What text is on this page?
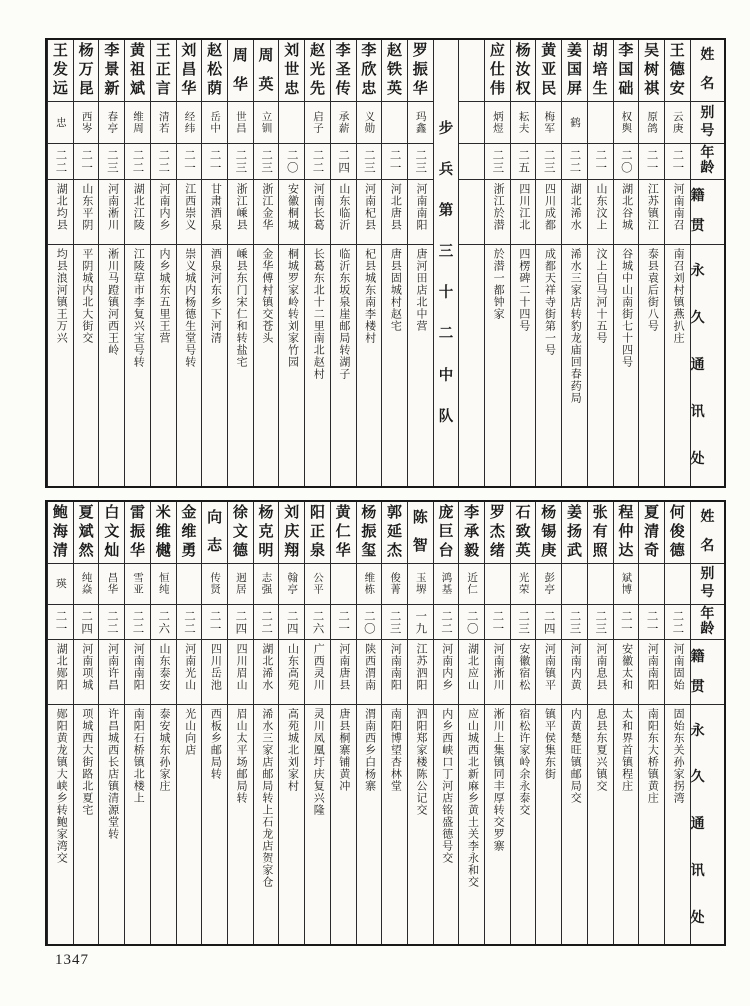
姓
名
别
号
年
龄
籍
贯
永
久
通
讯
处
王
德
安
云庚
二一
河南南召
南召刘村镇燕扒庄
吴
树
祺
原鸽
二一
江苏镇江
泰县袁后街八号
李
国
础
权舆
二〇
湖北谷城
谷城中山南街七十四号
胡
培
生
二一
山东汶上
汶上白马河十五号
姜
国
屏
鹤
二二
湖北浠水
浠水三家店转豹龙庙回春药局
黄
亚
民
梅军
二三
四川成都
成都天祥寺街第一号
杨
汝
权
耘夫
二五
四川江北
四楞碑二十四号
应
仕
伟
炳煜
二三
浙江於潜
於潜一都钟家
步
兵
第
三
十
二
中
队
罗
振
华
玛鑫
二三
河南南阳
唐河田店北中营
赵
铁
英
二一
河北唐县
唐县固城村赵宅
李
欣
忠
义勋
二三
河南杞县
杞县城东南李楼村
李
圣
传
承薪
二四
山东临沂
临沂东坂泉崖邮局转湖子
赵
光
先
启子
二二
河南长葛
长葛东北十二里南北赵村
刘
世
忠
二〇
安徽桐城
桐城罗家岭转刘家竹园
周
英
立钏
二三
浙江金华
金华傅村镇交苍头
周
华
世昌
二三
浙江嵊县
嵊县东门宋仁和转盐宅
赵
松
荫
岳中
二一
甘肃酒泉
酒泉河东乡下河清
刘
昌
华
经纬
二一
江西崇义
崇义城内杨德生堂号转
王
正
言
清若
二二
河南内乡
内乡城东五里王营
黄
祖
斌
维周
二二
湖北江陵
江陵草市李复兴宝号转
李
景
新
春亭
二三
河南淅川
淅川马蹬镇河西王岭
杨
万
昆
西岑
二一
山东平阴
平阴城内北大街交
王
发
远
忠
二二
湖北均县
均县浪河镇王万兴
姓
名
别
号
年
龄
籍
贯
永
久
通
讯
处
何
俊
德
二二
河南固始
固始东关孙家拐湾
夏
清
奇
二一
河南南阳
南阳东大桥镇黄庄
程
仲
达
斌博
二一
安徽太和
太和界首镇程庄
张
有
照
二三
河南息县
息县东夏兴镇交
姜
扬
武
二三
河南内黄
内黄楚旺镇邮局交
杨
锡
庚
彭亭
二四
河南镇平
镇平侯集东街
石
致
英
光荣
二三
安徽宿松
宿松许家岭余永泰交
罗
杰
绪
二一
河南淅川
淅川上集镇同丰厚转交罗寨
李
承
毅
近仁
二〇
湖北应山
应山城西北新麻乡黄土关李永和交
庞
巨
台
鸿基
二二
河南内乡
内乡西峡口丁河店铭盛德号交
陈
智
玉堺
一九
江苏泗阳
泗阳郑家楼陈公记交
郭
延
杰
俊菁
二三
河南南阳
南阳博望杏林堂
杨
振
玺
维栋
二〇
陕西渭南
渭南西乡白杨寨
黄
仁
华
二一
河南唐县
唐县桐寨铺黄冲
阳
正
泉
公平
二六
广西灵川
灵川凤凰圩庆复兴隆
刘
庆
翔
翰亭
二四
山东高苑
高苑城北刘家村
杨
克
明
志强
二二
湖北浠水
浠水三家店邮局转上石龙店贺家仓
徐
文
德
迥居
二四
四川眉山
眉山太平场邮局转
向
志
传贤
二一
四川岳池
西板乡邮局转
金
维
勇
二二
河南光山
光山向店
米
维
樾
恒纯
二六
山东泰安
泰安城东孙家庄
雷
振
华
雪亚
二二
河南南阳
南阳石桥镇北楼上
白
文
灿
昌华
二二
河南许昌
许昌城西长店镇清源堂转
夏
斌
然
纯焱
二四
河南项城
项城西大街路北夏宅
鲍
海
清
瑛
二一
湖北郧阳
郧阳黄龙镇大峡乡转鲍家湾交
1347
